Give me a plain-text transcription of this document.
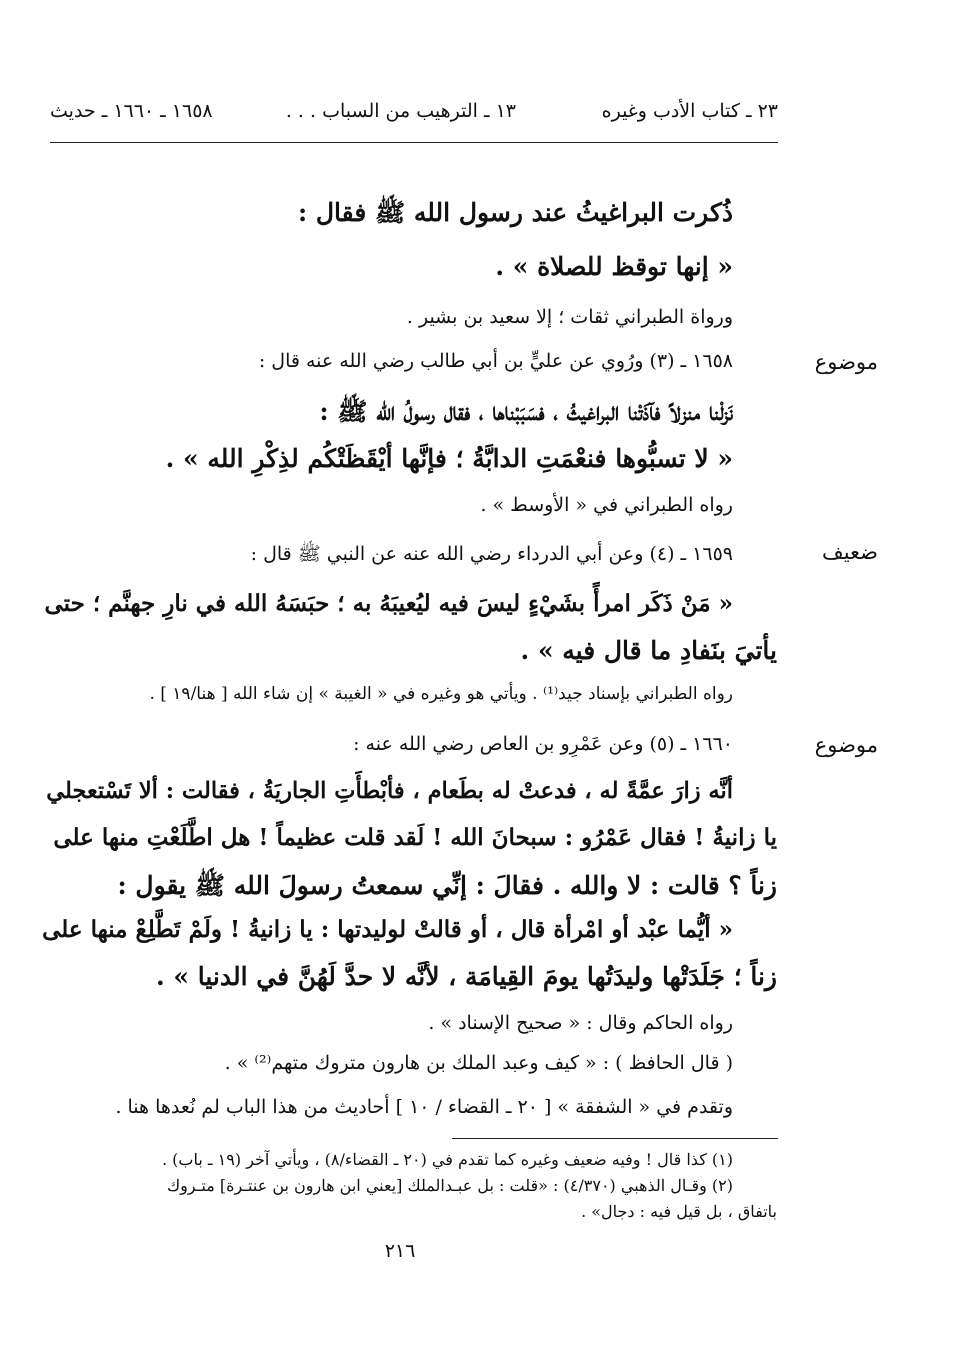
٢٣ ـ كتاب الأدب وغيره
١٣ ـ الترهيب من السباب . . .
١٦٥٨ ـ ١٦٦٠ ـ حديث
ذُكرت البراغيثُ عند رسول الله ﷺ فقال :
« إنها توقظ للصلاة » .
ورواة الطبراني ثقات ؛ إلا سعيد بن بشير .
موضوع
١٦٥٨ ـ (٣) ورُوي عن عليٍّ بن أبي طالب رضي الله عنه قال :
نَزلْنا منزلاً فآذَتْنا البراغيثُ ، فسَبَبْناها ، فقال رسولُ الله ﷺ :
« لا تسبُّوها فنعْمَتِ الدابَّةُ ؛ فإنَّها أيْقَظَتْكُم لذِكْرِ الله » .
رواه الطبراني في « الأوسط » .
ضعيف
١٦٥٩ ـ (٤) وعن أبي الدرداء رضي الله عنه عن النبي ﷺ قال :
« مَنْ ذَكَر امرأً بشَيْءٍ ليسَ فيه ليُعيبَهُ به ؛ حبَسَهُ الله في نارِ جهنَّم ؛ حتى
يأتيَ بنَفادِ ما قال فيه » .
رواه الطبراني بإسناد جيد⁽¹⁾ . ويأتي هو وغيره في « الغيبة » إن شاء الله [ هنا/١٩ ] .
موضوع
١٦٦٠ ـ (٥) وعن عَمْرِو بن العاص رضي الله عنه :
أنَّه زارَ عمَّةً له ، فدعتْ له بطَعام ، فأبْطأَتِ الجاريَةُ ، فقالت : ألا تَسْتعجلي
يا زانيةُ ! فقال عَمْرُو : سبحانَ الله ! لَقد قلت عظيماً ! هل اطَّلَعْتِ منها على
زناً ؟ قالت : لا والله . فقالَ : إنِّي سمعتُ رسولَ الله ﷺ يقول :
« أيُّما عبْد أو امْرأة قال ، أو قالتْ لوليدتها : يا زانيةُ ! ولَمْ تَطَّلِعْ منها على
زناً ؛ جَلَدَتْها وليدَتُها يومَ القِيامَة ، لأنَّه لا حدَّ لَهُنَّ في الدنيا » .
رواه الحاكم وقال : « صحيح الإسناد » .
( قال الحافظ ) : « كيف وعبد الملك بن هارون متروك متهم⁽²⁾ » .
وتقدم في « الشفقة » [ ٢٠ ـ القضاء / ١٠ ] أحاديث من هذا الباب لم نُعدها هنا .
(١) كذا قال ! وفيه ضعيف وغيره كما تقدم في (٢٠ ـ القضاء/٨) ، ويأتي آخر (١٩ ـ باب) .
(٢) وقـال الذهبي (٤/٣٧٠) : «قلت : بل عبـدالملك [يعني ابن هارون بن عنتـرة] متـروك
باتفاق ، بل قيل فيه : دجال» .
٢١٦
